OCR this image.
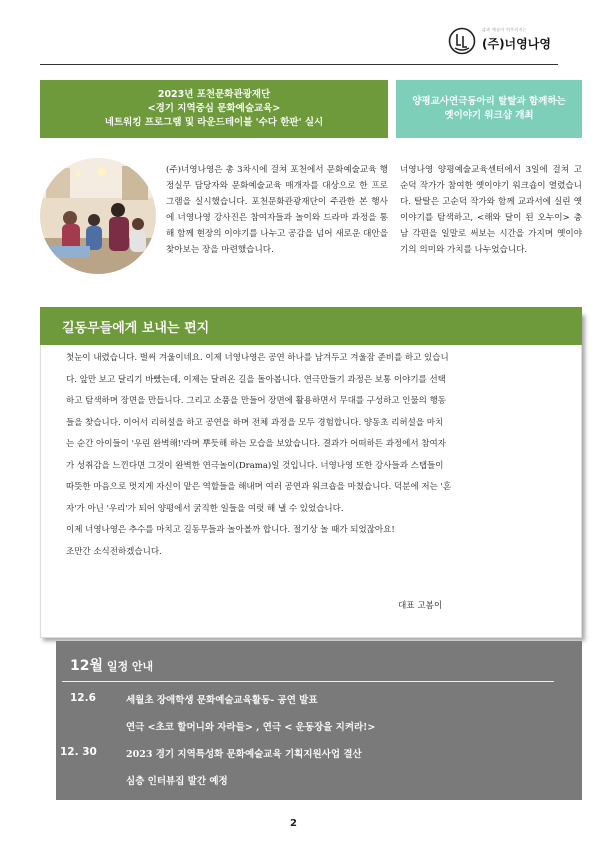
삶과 예술이 어우러지는
(주)너영나영
2023년 포천문화관광재단
<경기 지역중심 문화예술교육>
네트워킹 프로그램 및 라운드테이블 '수다 한판' 실시
양평교사연극동아리 탈탈과 함께하는
옛이야기 워크샵 개최
(주)너영나영은 총 3차시에 걸쳐 포천에서 문화예술교육 행정실무 담당자와 문화예술교육 매개자를 대상으로 한 프로그램을 실시했습니다. 포천문화관광재단이 주관한 본 행사에 너영나영 강사진은 참여자들과 놀이와 드라마 과정을 통해 함께 현장의 이야기를 나누고 공감을 넘어 새로운 대안을 찾아보는 장을 마련했습니다.
너영나영 양평예술교육센터에서 3일에 걸쳐 고순덕 작가가 참여한 옛이야기 워크숍이 열렸습니다. 탈탈은 고순덕 작가와 함께 교과서에 실린 옛이야기를 탐색하고, <해와 달이 된 오누이> 충남 각편을 일말로 써보는 시간을 가지며 옛이야기의 의미와 가치를 나누었습니다.
길동무들에게 보내는 편지

첫눈이 내렸습니다. 벌써 겨울이네요. 이제 너영나영은 공연 하나를 남겨두고 겨울잠 준비를 하고 있습니

다. 앞만 보고 달리기 바빴는데, 이제는 달려온 길을 돌아봅니다. 연극만들기 과정은 보통 이야기를 선택

하고 탐색하며 장면을 만듭니다. 그리고 소품을 만들어 장면에 활용하면서 무대를 구성하고 인물의 행동

들을 찾습니다. 이어서 리허설을 하고 공연을 하며 전체 과정을 모두 경험합니다. 양동초 리허설을 마치

는 순간 아이들이 '우린 완벽해!'라며 뿌듯해 하는 모습을 보았습니다. 결과가 어떠하든 과정에서 참여자

가 성취감을 느낀다면 그것이 완벽한 연극놀이(Drama)일 것입니다. 너영나영 또한 강사들과 스탭들이

따뜻한 마음으로 멋지게 자신이 맡은 역할들을 해내며 여러 공연과 워크숍을 마쳤습니다. 덕분에 저는 '혼

자'가 아닌 '우리'가 되어 양평에서 굵직한 일들을 여럿 해 낼 수 있었습니다.

이제 너영나영은 추수를 마치고 길동무들과 놀아볼까 합니다. 절기상 놀 때가 되었잖아요!

조만간 소식전하겠습니다.

대표 고봄이
12월 일정 안내
12.6	세월초 장애학생 문화예술교육활동- 공연 발표
연극 <초코 할머니와 자라들> , 연극 < 운동장을 지켜라!>
12. 30	2023 경기 지역특성화 문화예술교육 기획지원사업 결산
심층 인터뷰집 발간 예정
2
